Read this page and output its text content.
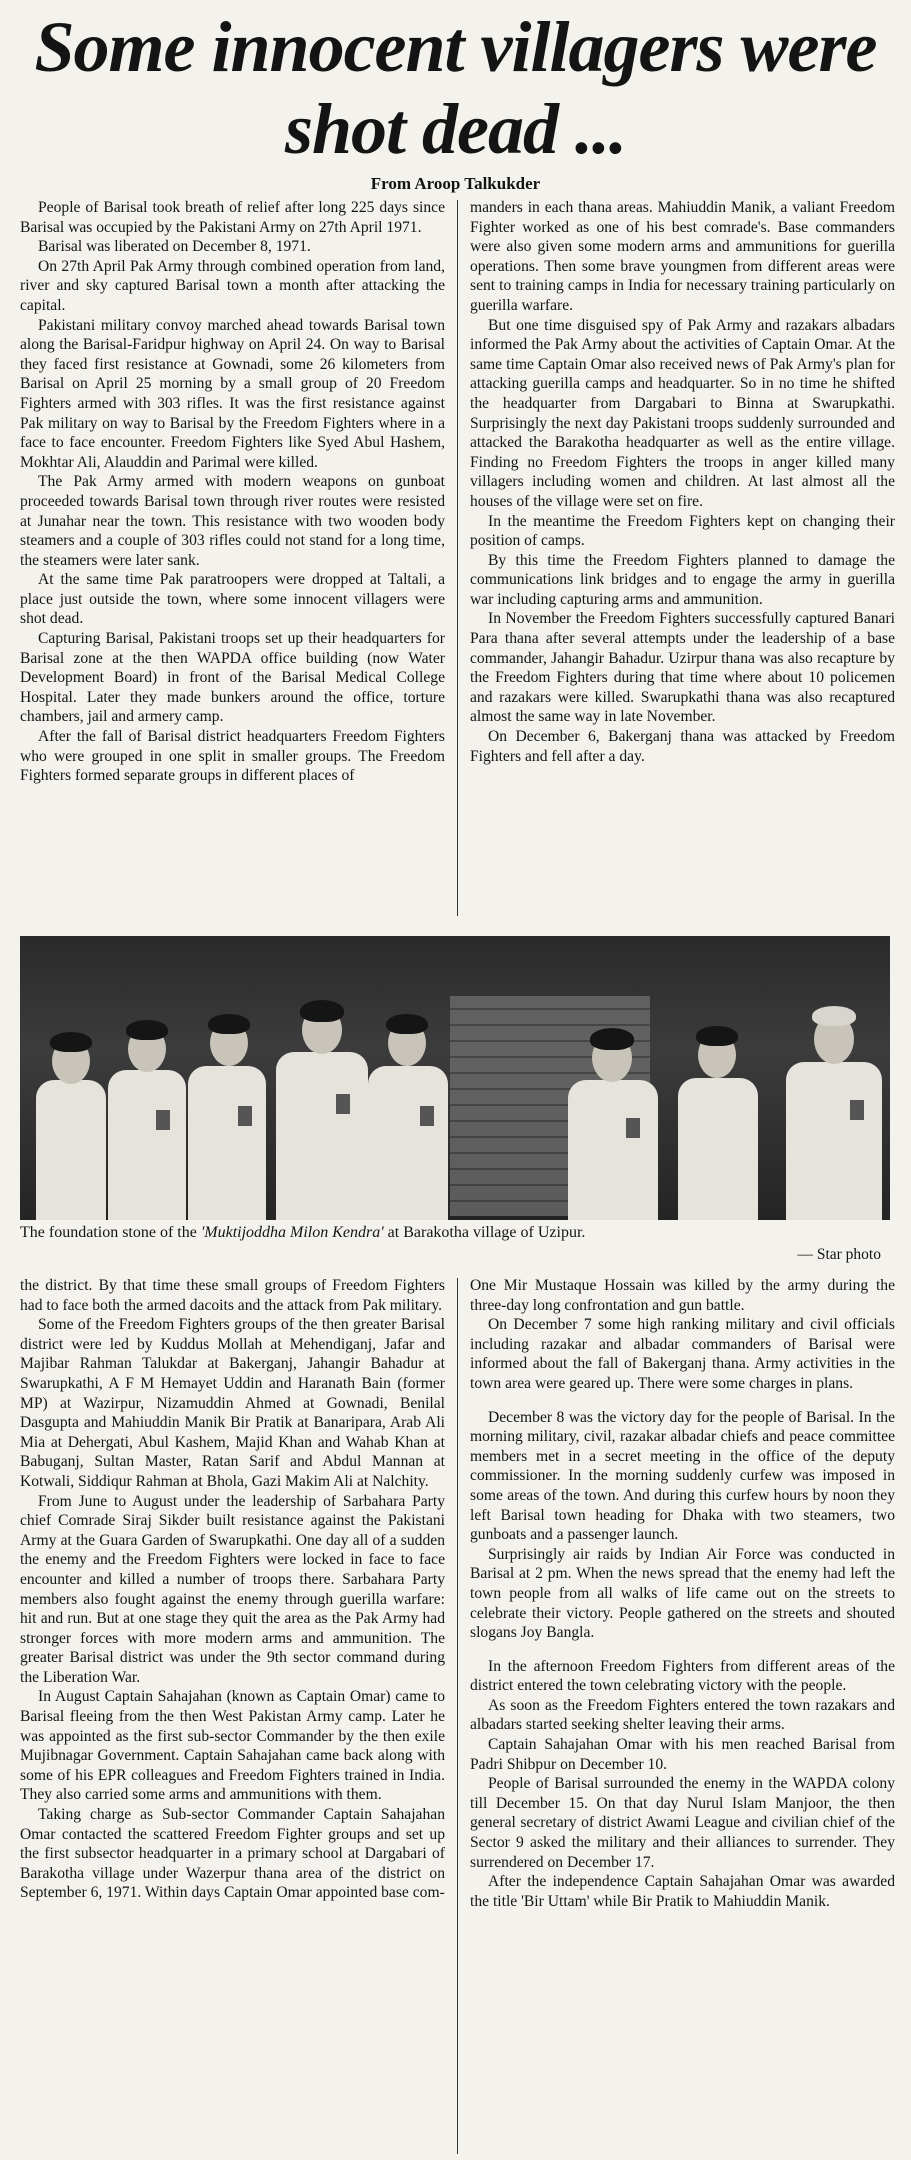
Some innocent villagers were shot dead ...
From Aroop Talkukder

People of Barisal took breath of relief after long 225 days since Barisal was occupied by the Pakistani Army on 27th April 1971.

Barisal was liberated on December 8, 1971.

On 27th April Pak Army through combined operation from land, river and sky captured Barisal town a month after attacking the capital.

Pakistani military convoy marched ahead towards Barisal town along the Barisal-Faridpur highway on April 24. On way to Barisal they faced first resistance at Gownadi, some 26 kilometers from Barisal on April 25 morning by a small group of 20 Freedom Fighters armed with 303 rifles. It was the first resistance against Pak military on way to Barisal by the Freedom Fighters where in a face to face encounter. Freedom Fighters like Syed Abul Hashem, Mokhtar Ali, Alauddin and Parimal were killed.

The Pak Army armed with modern weapons on gunboat proceeded towards Barisal town through river routes were resisted at Junahar near the town. This resistance with two wooden body steamers and a couple of 303 rifles could not stand for a long time, the steamers were later sank.

At the same time Pak paratroopers were dropped at Taltali, a place just outside the town, where some innocent villagers were shot dead.

Capturing Barisal, Pakistani troops set up their headquarters for Barisal zone at the then WAPDA office building (now Water Development Board) in front of the Barisal Medical College Hospital. Later they made bunkers around the office, torture chambers, jail and armery camp.

After the fall of Barisal district headquarters Freedom Fighters who were grouped in one split in smaller groups. The Freedom Fighters formed separate groups in different places of

manders in each thana areas. Mahiuddin Manik, a valiant Freedom Fighter worked as one of his best comrade's. Base commanders were also given some modern arms and ammunitions for guerilla operations. Then some brave youngmen from different areas were sent to training camps in India for necessary training particularly on guerilla warfare.

But one time disguised spy of Pak Army and razakars albadars informed the Pak Army about the activities of Captain Omar. At the same time Captain Omar also received news of Pak Army's plan for attacking guerilla camps and headquarter. So in no time he shifted the headquarter from Dargabari to Binna at Swarupkathi. Surprisingly the next day Pakistani troops suddenly surrounded and attacked the Barakotha headquarter as well as the entire village. Finding no Freedom Fighters the troops in anger killed many villagers including women and children. At last almost all the houses of the village were set on fire.

In the meantime the Freedom Fighters kept on changing their position of camps.

By this time the Freedom Fighters planned to damage the communications link bridges and to engage the army in guerilla war including capturing arms and ammunition.

In November the Freedom Fighters successfully captured Banari Para thana after several attempts under the leadership of a base commander, Jahangir Bahadur. Uzirpur thana was also recapture by the Freedom Fighters during that time where about 10 policemen and razakars were killed. Swarupkathi thana was also recaptured almost the same way in late November.

On December 6, Bakerganj thana was attacked by Freedom Fighters and fell after a day.

The foundation stone of the 'Muktijoddha Milon Kendra' at Barakotha village of Uzipur.
— Star photo

the district. By that time these small groups of Freedom Fighters had to face both the armed dacoits and the attack from Pak military.

Some of the Freedom Fighters groups of the then greater Barisal district were led by Kuddus Mollah at Mehendiganj, Jafar and Majibar Rahman Talukdar at Bakerganj, Jahangir Bahadur at Swarupkathi, A F M Hemayet Uddin and Haranath Bain (former MP) at Wazirpur, Nizamuddin Ahmed at Gownadi, Benilal Dasgupta and Mahiuddin Manik Bir Pratik at Banaripara, Arab Ali Mia at Dehergati, Abul Kashem, Majid Khan and Wahab Khan at Babuganj, Sultan Master, Ratan Sarif and Abdul Mannan at Kotwali, Siddiqur Rahman at Bhola, Gazi Makim Ali at Nalchity.

From June to August under the leadership of Sarbahara Party chief Comrade Siraj Sikder built resistance against the Pakistani Army at the Guara Garden of Swarupkathi. One day all of a sudden the enemy and the Freedom Fighters were locked in face to face encounter and killed a number of troops there. Sarbahara Party members also fought against the enemy through guerilla warfare: hit and run. But at one stage they quit the area as the Pak Army had stronger forces with more modern arms and ammunition. The greater Barisal district was under the 9th sector command during the Liberation War.

In August Captain Sahajahan (known as Captain Omar) came to Barisal fleeing from the then West Pakistan Army camp. Later he was appointed as the first sub-sector Commander by the then exile Mujibnagar Government. Captain Sahajahan came back along with some of his EPR colleagues and Freedom Fighters trained in India. They also carried some arms and ammunitions with them.

Taking charge as Sub-sector Commander Captain Sahajahan Omar contacted the scattered Freedom Fighter groups and set up the first subsector headquarter in a primary school at Dargabari of Barakotha village under Wazerpur thana area of the district on September 6, 1971. Within days Captain Omar appointed base com-

One Mir Mustaque Hossain was killed by the army during the three-day long confrontation and gun battle.

On December 7 some high ranking military and civil officials including razakar and albadar commanders of Barisal were informed about the fall of Bakerganj thana. Army activities in the town area were geared up. There were some charges in plans.

December 8 was the victory day for the people of Barisal. In the morning military, civil, razakar albadar chiefs and peace committee members met in a secret meeting in the office of the deputy commissioner. In the morning suddenly curfew was imposed in some areas of the town. And during this curfew hours by noon they left Barisal town heading for Dhaka with two steamers, two gunboats and a passenger launch.

Surprisingly air raids by Indian Air Force was conducted in Barisal at 2 pm. When the news spread that the enemy had left the town people from all walks of life came out on the streets to celebrate their victory. People gathered on the streets and shouted slogans Joy Bangla.

In the afternoon Freedom Fighters from different areas of the district entered the town celebrating victory with the people.

As soon as the Freedom Fighters entered the town razakars and albadars started seeking shelter leaving their arms.

Captain Sahajahan Omar with his men reached Barisal from Padri Shibpur on December 10.

People of Barisal surrounded the enemy in the WAPDA colony till December 15. On that day Nurul Islam Manjoor, the then general secretary of district Awami League and civilian chief of the Sector 9 asked the military and their alliances to surrender. They surrendered on December 17.

After the independence Captain Sahajahan Omar was awarded the title 'Bir Uttam' while Bir Pratik to Mahiuddin Manik.
